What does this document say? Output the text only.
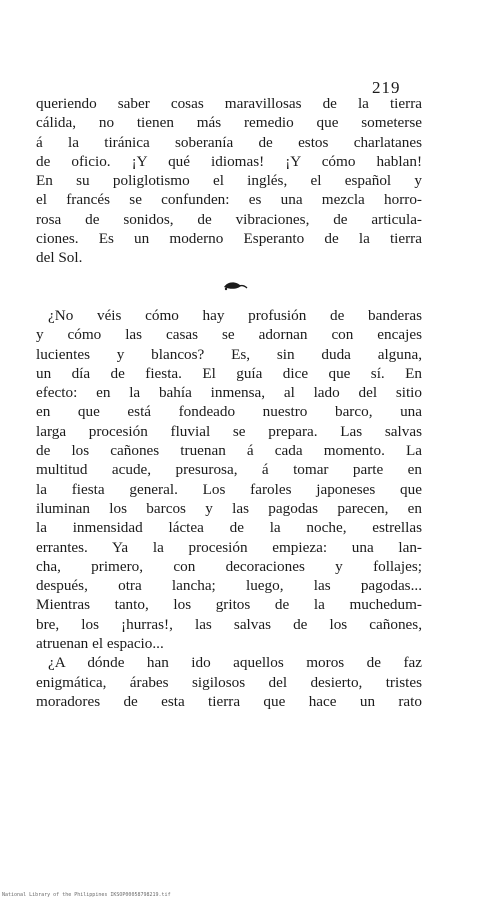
219
queriendo saber cosas maravillosas de la tierra
cálida, no tienen más remedio que someterse
á la tiránica soberanía de estos charlatanes
de oficio. ¡Y qué idiomas! ¡Y cómo hablan!
En su poliglotismo el inglés, el español y
el francés se confunden: es una mezcla horro-
rosa de sonidos, de vibraciones, de articula-
ciones. Es un moderno Esperanto de la tierra
del Sol.
¿No véis cómo hay profusión de banderas
y cómo las casas se adornan con encajes
lucientes y blancos? Es, sin duda alguna,
un día de fiesta. El guía dice que sí. En
efecto: en la bahía inmensa, al lado del sitio
en que está fondeado nuestro barco, una
larga procesión fluvial se prepara. Las salvas
de los cañones truenan á cada momento. La
multitud acude, presurosa, á tomar parte en
la fiesta general. Los faroles japoneses que
iluminan los barcos y las pagodas parecen, en
la inmensidad láctea de la noche, estrellas
errantes. Ya la procesión empieza: una lan-
cha, primero, con decoraciones y follajes;
después, otra lancha; luego, las pagodas...
Mientras tanto, los gritos de la muchedum-
bre, los ¡hurras!, las salvas de los cañones,
atruenan el espacio...
¿A dónde han ido aquellos moros de faz
enigmática, árabes sigilosos del desierto, tristes
moradores de esta tierra que hace un rato
National Library of the Philippines IKSOP00058798219.tif
